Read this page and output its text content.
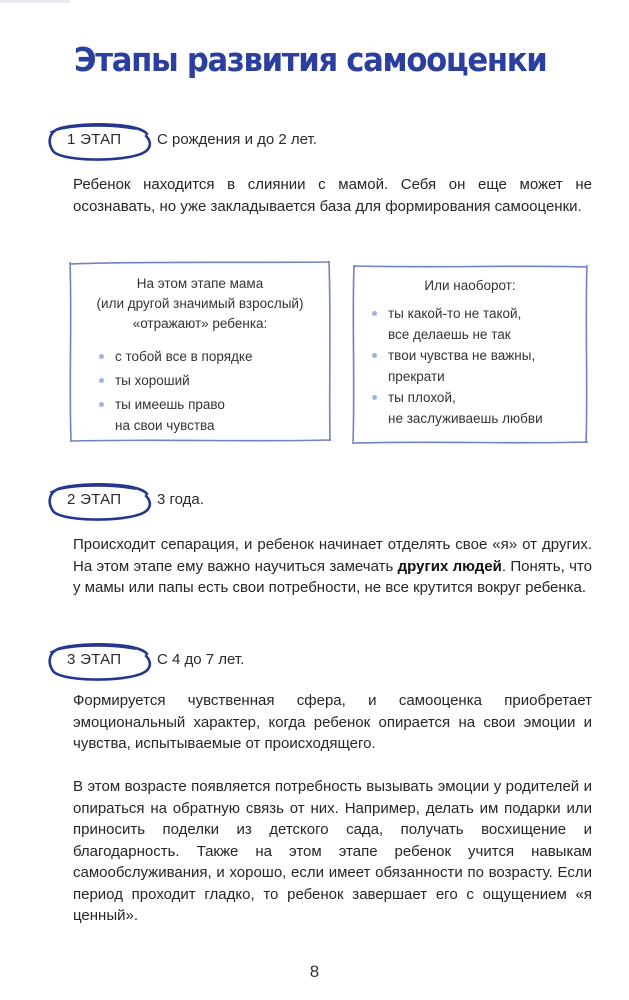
Этапы развития самооценки
1 ЭТАП С рождения и до 2 лет.

Ребенок находится в слиянии с мамой. Себя он еще может не осознавать, но уже закладывается база для формирования самооценки.

На этом этапе мама
(или другой значимый взрослый)
«отражают» ребенка:
с тобой все в порядке
ты хороший
ты имеешь право
на свои чувства
Или наоборот:
ты какой-то не такой,
все делаешь не так
твои чувства не важны,
прекрати
ты плохой,
не заслуживаешь любви
2 ЭТАП 3 года.

Происходит сепарация, и ребенок начинает отделять свое «я» от других. На этом этапе ему важно научиться замечать других людей. Понять, что у мамы или папы есть свои потребности, не все крутится вокруг ребенка.

3 ЭТАП С 4 до 7 лет.

Формируется чувственная сфера, и самооценка приобретает эмоциональный характер, когда ребенок опирается на свои эмоции и чувства, испытываемые от происходящего.

В этом возрасте появляется потребность вызывать эмоции у родителей и опираться на обратную связь от них. Например, делать им подарки или приносить поделки из детского сада, получать восхищение и благодарность. Также на этом этапе ребенок учится навыкам самообслуживания, и хорошо, если имеет обязанности по возрасту. Если период проходит гладко, то ребенок завершает его с ощущением «я ценный».

8
